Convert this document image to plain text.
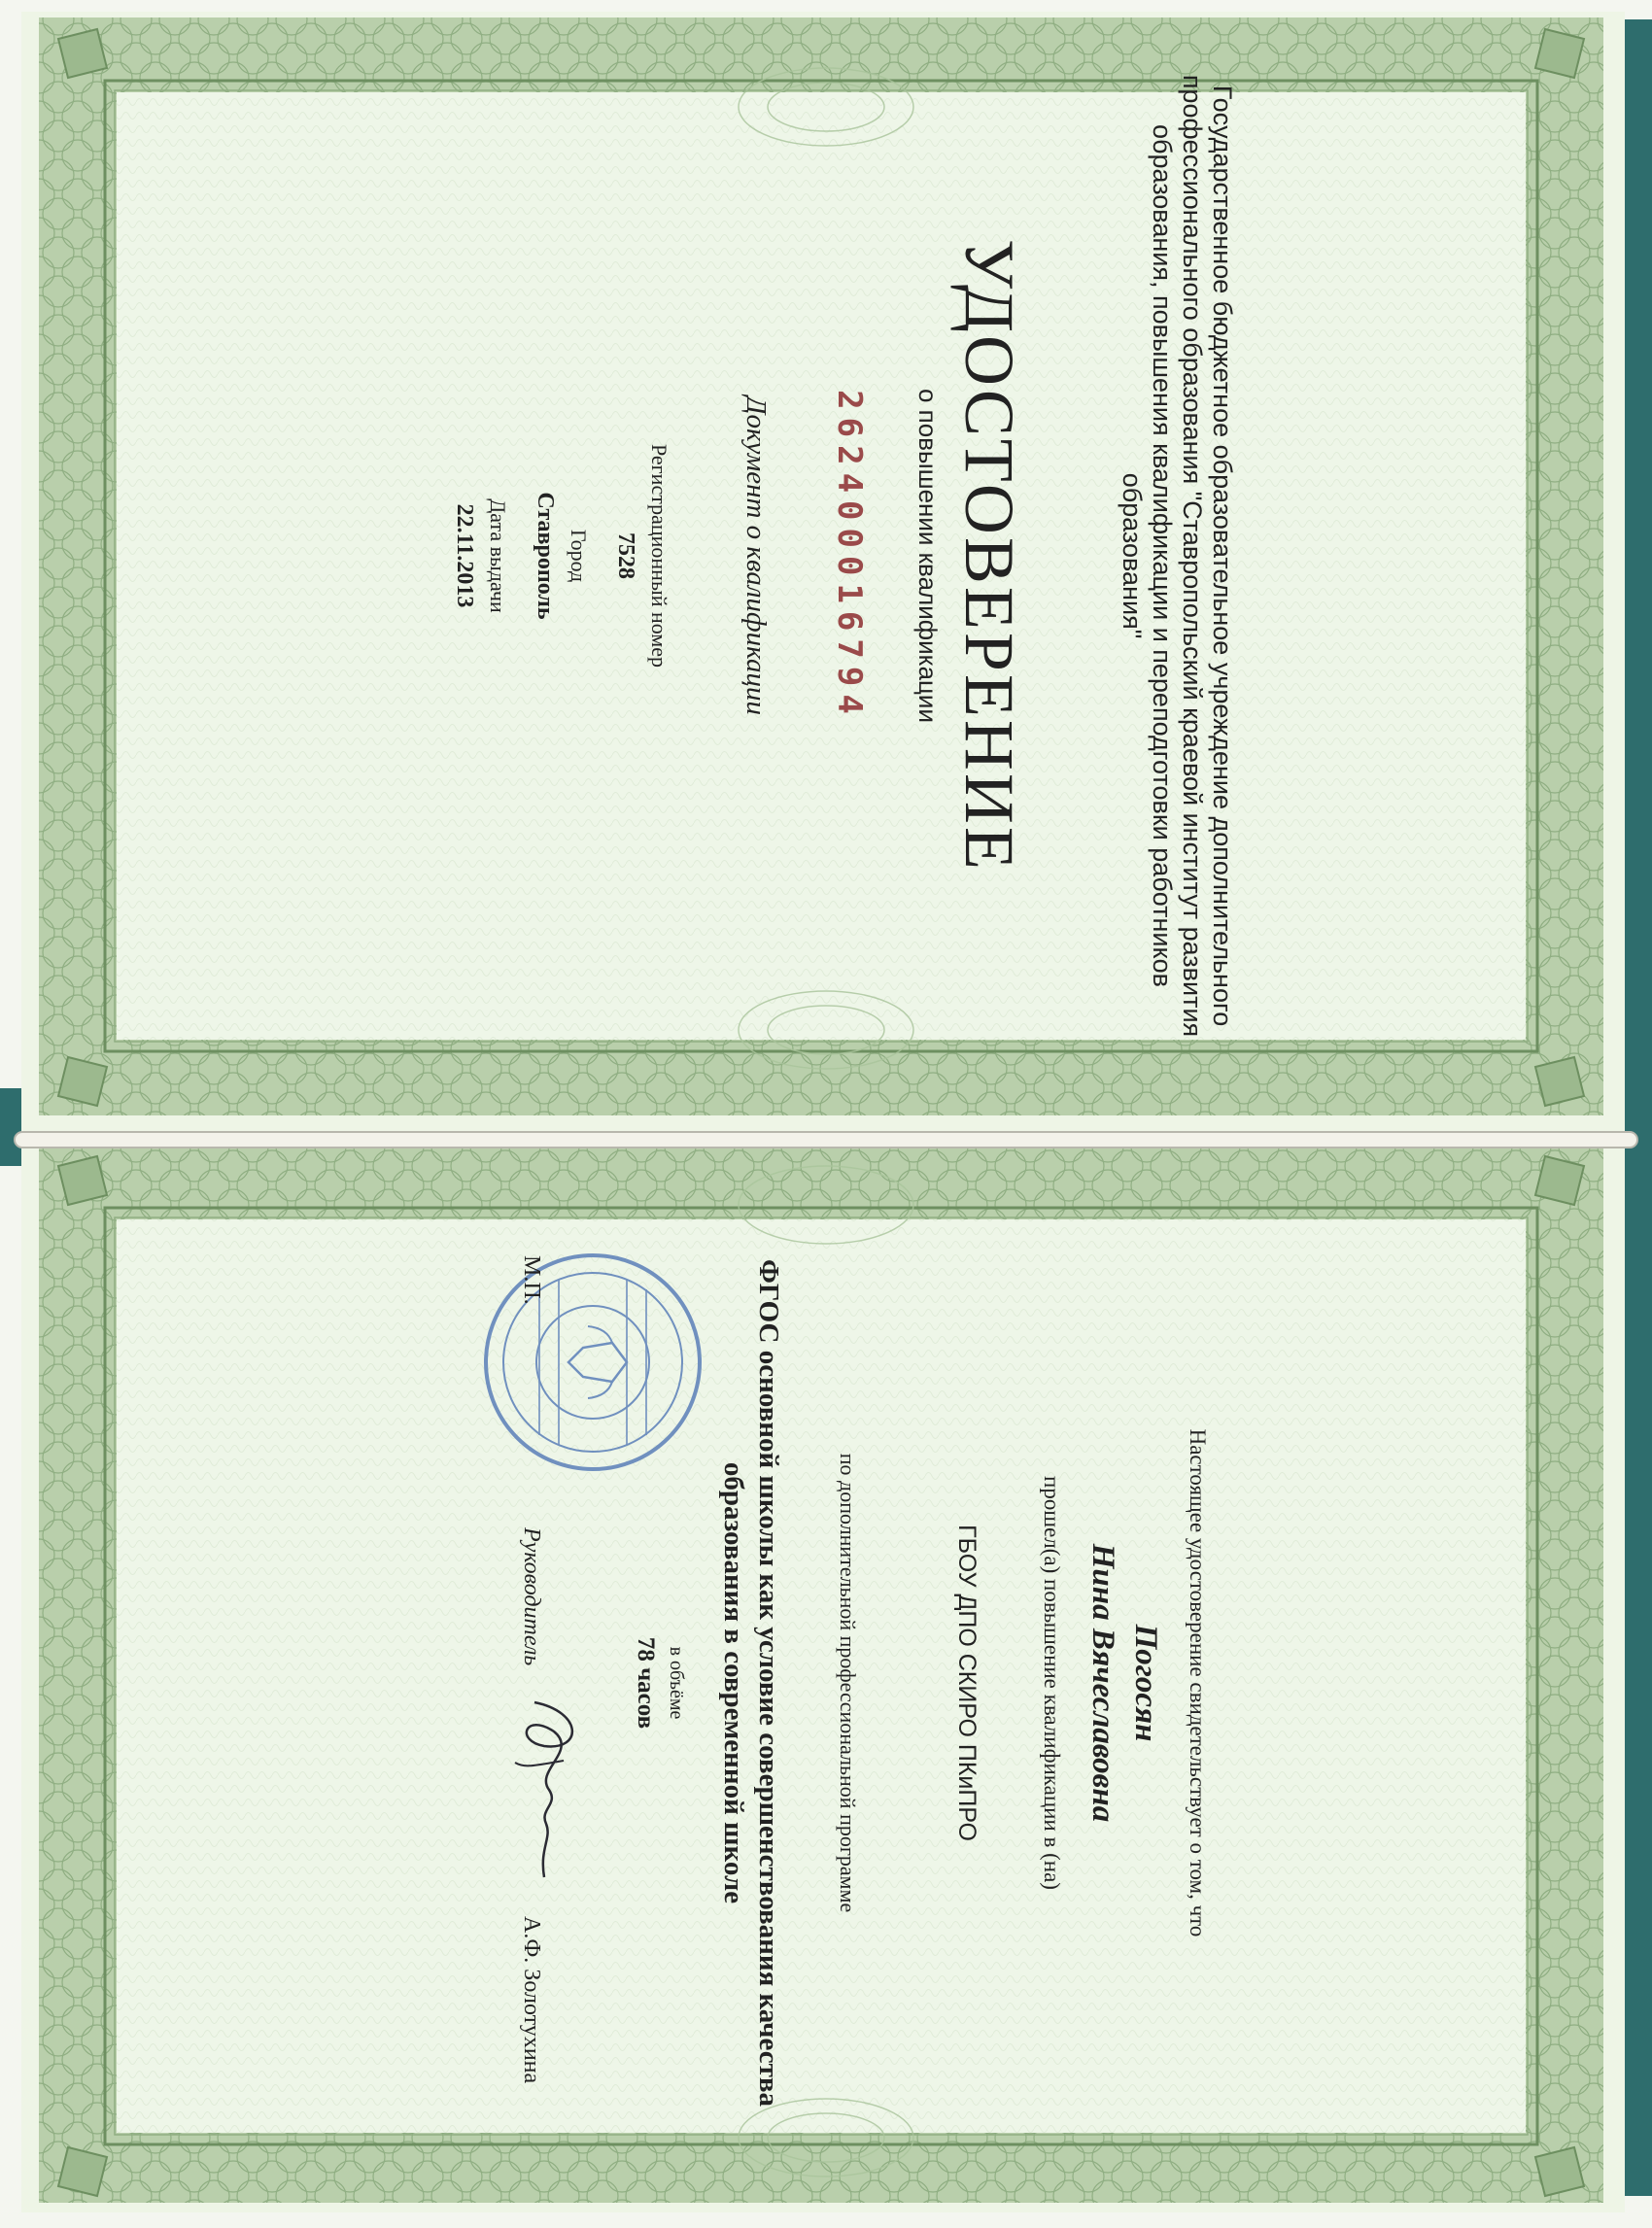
Государственное бюджетное образовательное учреждение дополнительного профессионального образования "Ставропольский краевой институт развития образования, повышения квалификации и переподготовки работников образования"
УДОСТОВЕРЕНИЕ
о повышении квалификации
262400016794
Документ о квалификации
Регистрационный номер
7528
Город
Ставрополь
Дата выдачи
22.11.2013
Настоящее удостоверение свидетельствует о том, что
Погосян
Нина Вячеславовна
прошел(а) повышение квалификации в (на)
ГБОУ ДПО СКИРО ПКиПРО
по дополнительной профессиональной программе
ФГОС основной школы как условие совершенствования качества образования в современной школе
в объёме
78 часов
М.П.
Руководитель
А.Ф. Золотухина
